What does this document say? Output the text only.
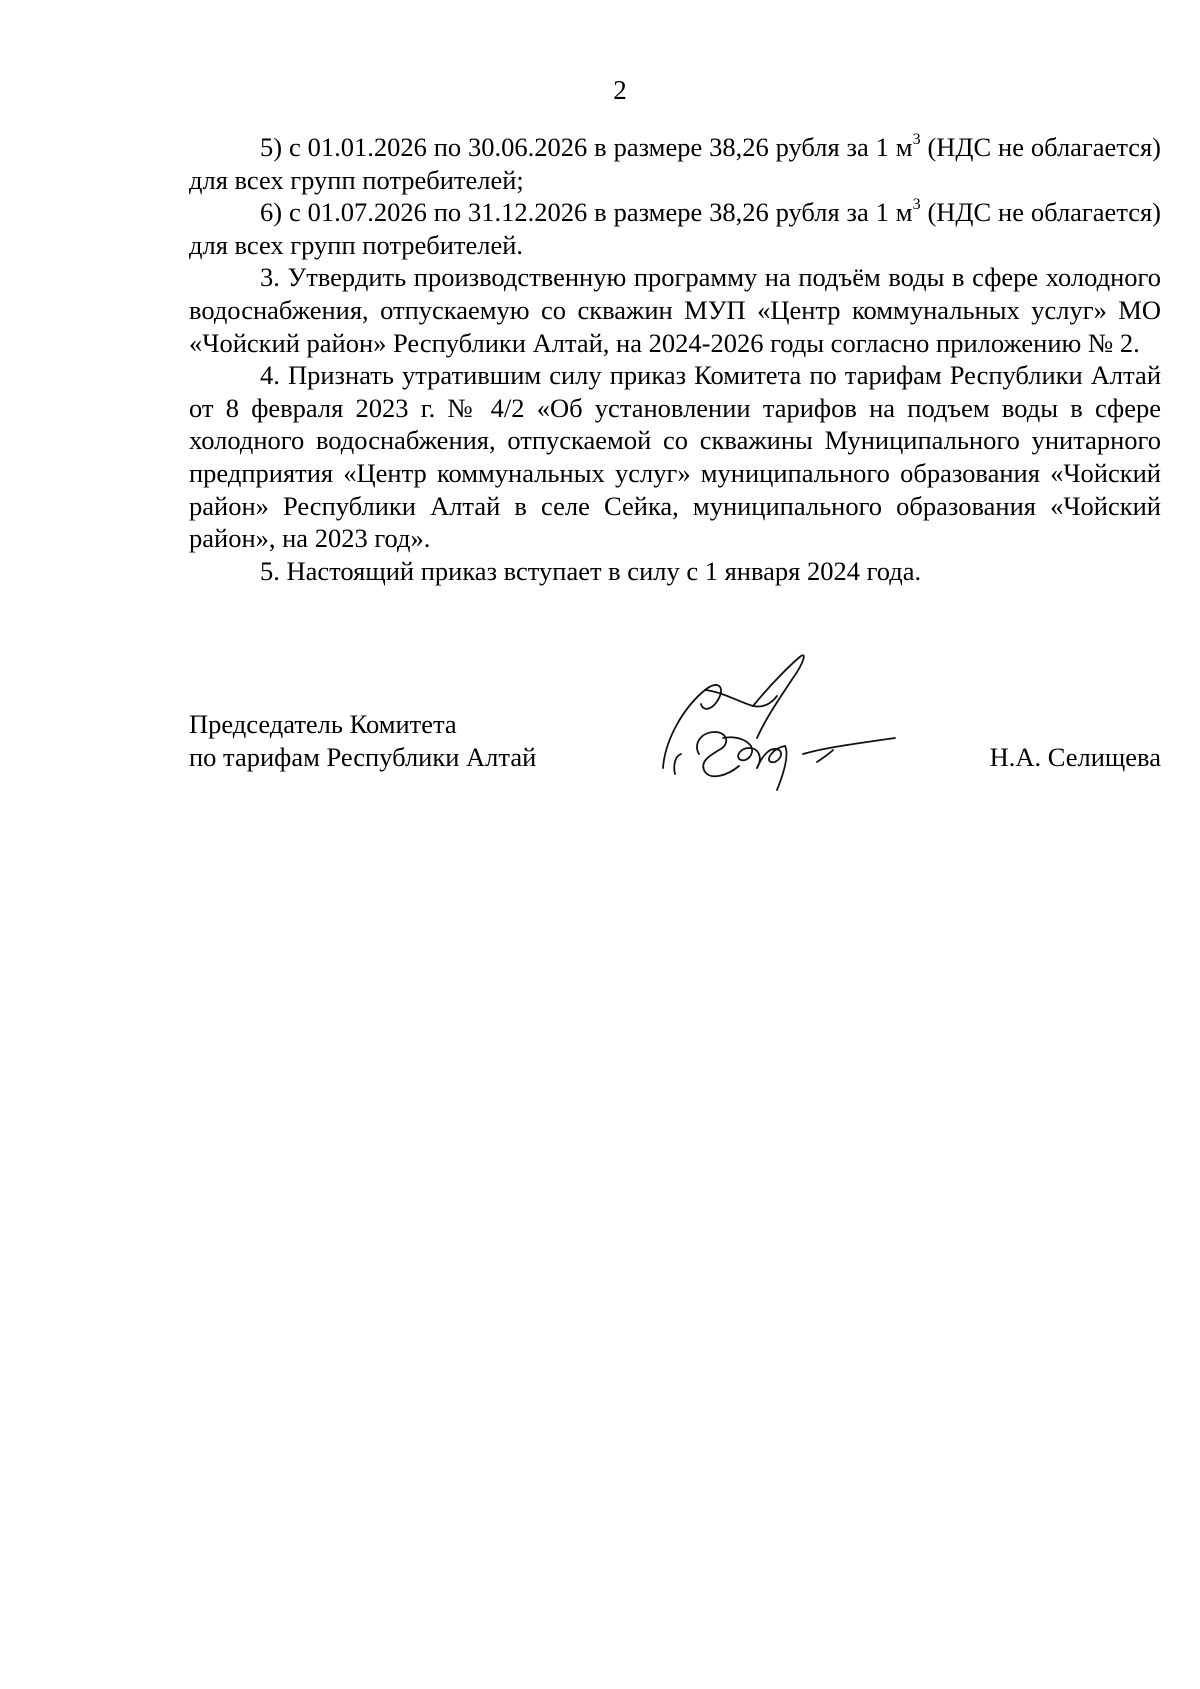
2

5) с 01.01.2026 по 30.06.2026 в размере 38,26 рубля за 1 $м^3$ (НДС не облагается) для всех групп потребителей;

6) с 01.07.2026 по 31.12.2026 в размере 38,26 рубля за 1 $м^3$ (НДС не облагается) для всех групп потребителей.

3. Утвердить производственную программу на подъём воды в сфере холодного водоснабжения, отпускаемую со скважин МУП «Центр коммунальных услуг» МО «Чойский район» Республики Алтай, на 2024-2026 годы согласно приложению № 2.

4. Признать утратившим силу приказ Комитета по тарифам Республики Алтай от 8 февраля 2023 г. № 4/2 «Об установлении тарифов на подъем воды в сфере холодного водоснабжения, отпускаемой со скважины Муниципального унитарного предприятия «Центр коммунальных услуг» муниципального образования «Чойский район» Республики Алтай в селе Сейка, муниципального образования «Чойский район», на 2023 год».

5. Настоящий приказ вступает в силу с 1 января 2024 года.

Председатель Комитета
по тарифам Республики Алтай	Н.А. Селищева
